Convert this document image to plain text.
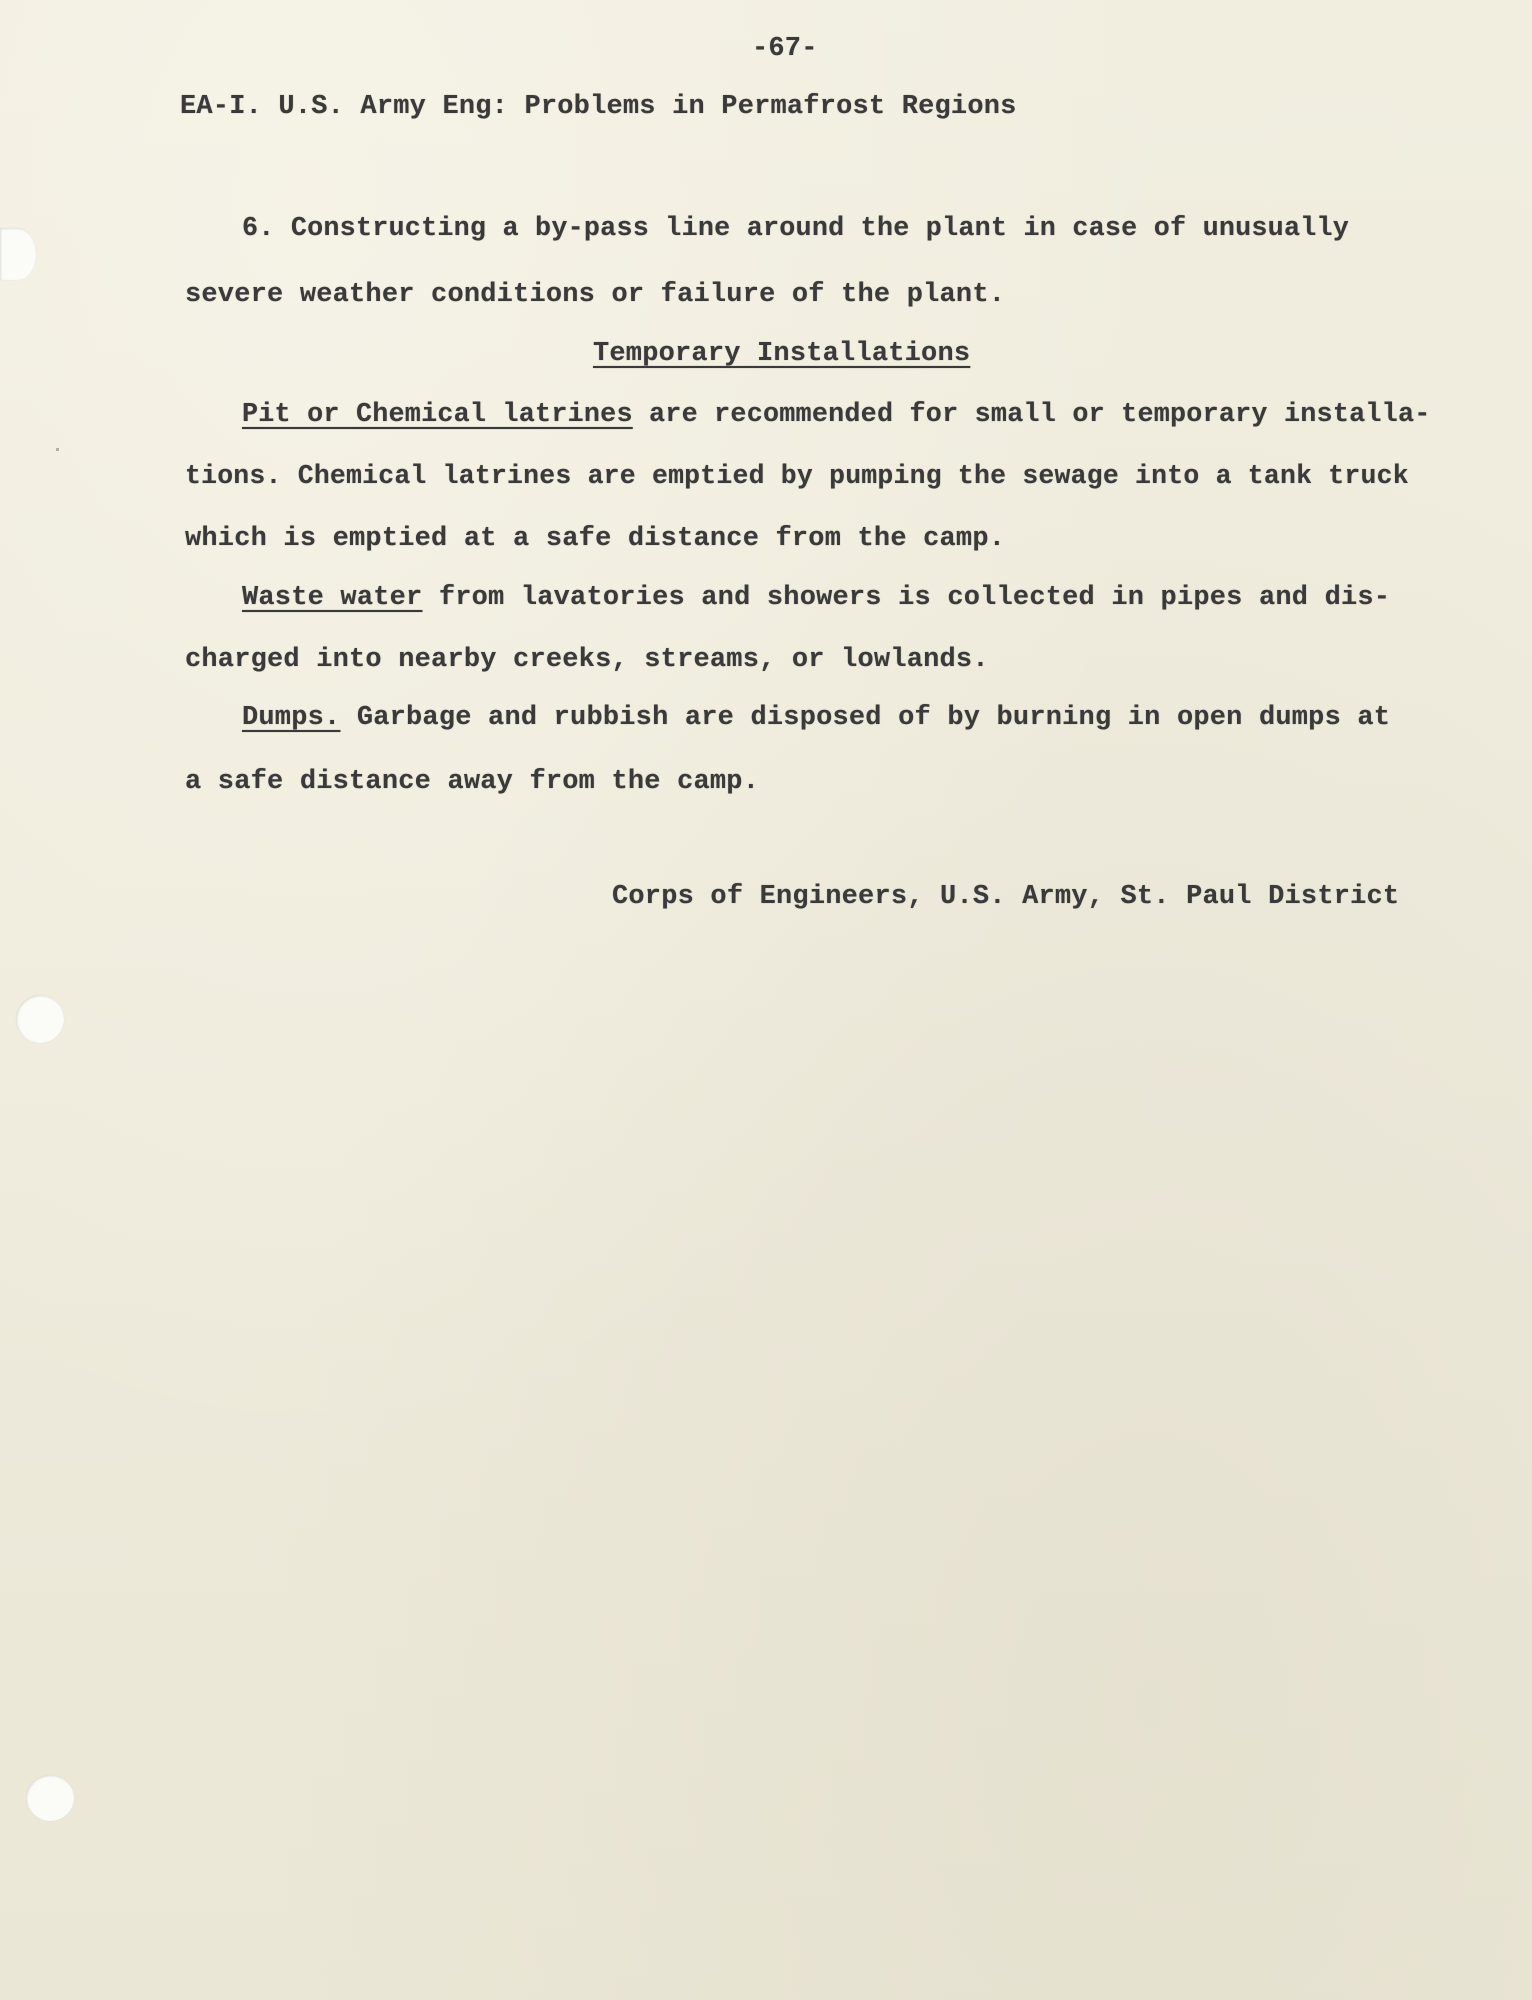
-67-
EA-I. U.S. Army Eng: Problems in Permafrost Regions
6. Constructing a by-pass line around the plant in case of unusually
severe weather conditions or failure of the plant.
Temporary Installations
Pit or Chemical latrines are recommended for small or temporary installa-
tions. Chemical latrines are emptied by pumping the sewage into a tank truck
which is emptied at a safe distance from the camp.
Waste water from lavatories and showers is collected in pipes and dis-
charged into nearby creeks, streams, or lowlands.
Dumps. Garbage and rubbish are disposed of by burning in open dumps at
a safe distance away from the camp.
Corps of Engineers, U.S. Army, St. Paul District
